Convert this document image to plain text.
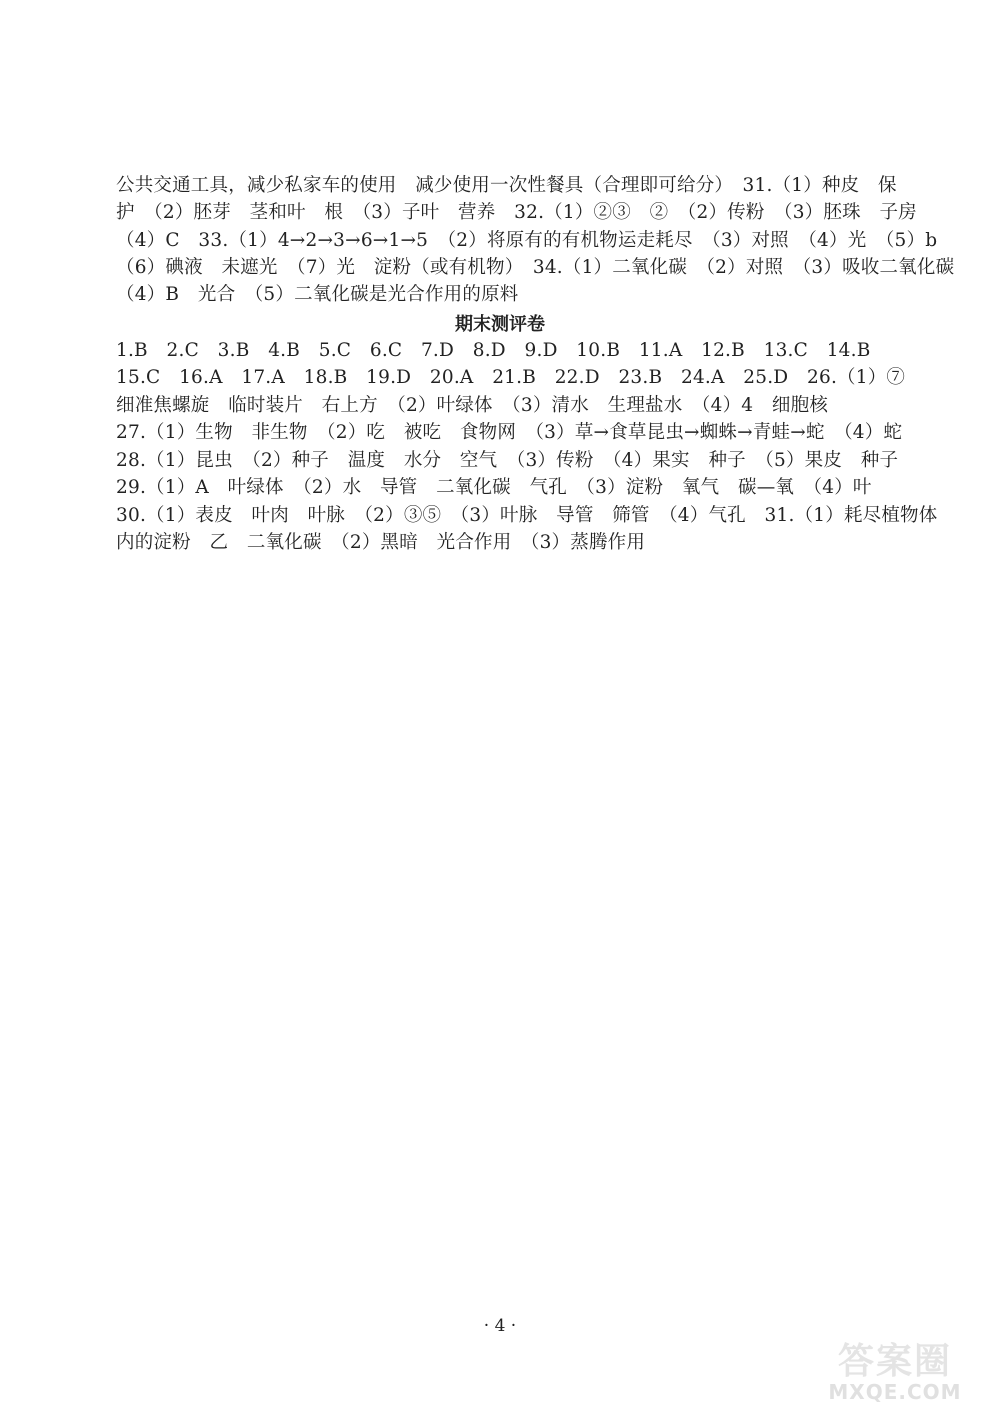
公共交通工具，减少私家车的使用　减少使用一次性餐具（合理即可给分）　31.（1）种皮　保
护　（2）胚芽　茎和叶　根　（3）子叶　营养　32.（1）②③　②　（2）传粉　（3）胚珠　子房
（4）C　33.（1）4→2→3→6→1→5　（2）将原有的有机物运走耗尽　（3）对照　（4）光　（5）b
（6）碘液　未遮光　（7）光　淀粉（或有机物）　34.（1）二氧化碳　（2）对照　（3）吸收二氧化碳
（4）B　光合　（5）二氧化碳是光合作用的原料
期末测评卷
1.B　2.C　3.B　4.B　5.C　6.C　7.D　8.D　9.D　10.B　11.A　12.B　13.C　14.B
15.C　16.A　17.A　18.B　19.D　20.A　21.B　22.D　23.B　24.A　25.D　26.（1）⑦
细准焦螺旋　临时装片　右上方　（2）叶绿体　（3）清水　生理盐水　（4）4　细胞核
27.（1）生物　非生物　（2）吃　被吃　食物网　（3）草→食草昆虫→蜘蛛→青蛙→蛇　（4）蛇
28.（1）昆虫　（2）种子　温度　水分　空气　（3）传粉　（4）果实　种子　（5）果皮　种子
29.（1）A　叶绿体　（2）水　导管　二氧化碳　气孔　（3）淀粉　氧气　碳—氧　（4）叶
30.（1）表皮　叶肉　叶脉　（2）③⑤　（3）叶脉　导管　筛管　（4）气孔　31.（1）耗尽植物体
内的淀粉　乙　二氧化碳　（2）黑暗　光合作用　（3）蒸腾作用
· 4 ·
答案圈
MXQE.COM
